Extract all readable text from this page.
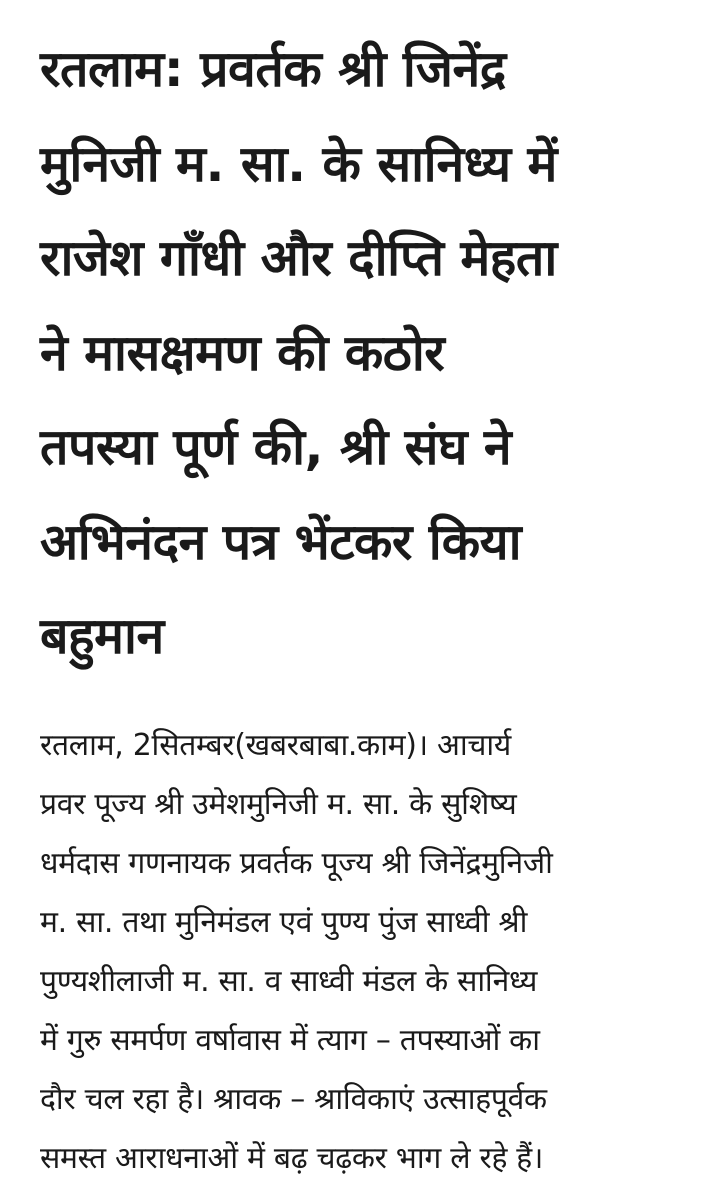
रतलाम: प्रवर्तक श्री जिनेंद्र
मुनिजी म. सा. के सानिध्य में
राजेश गाँधी और दीप्ति मेहता
ने मासक्षमण की कठोर
तपस्या पूर्ण की, श्री संघ ने
अभिनंदन पत्र भेंटकर किया
बहुमान

रतलाम, 2सितम्बर(खबरबाबा.काम)। आचार्य
प्रवर पूज्य श्री उमेशमुनिजी म. सा. के सुशिष्य
धर्मदास गणनायक प्रवर्तक पूज्य श्री जिनेंद्रमुनिजी
म. सा. तथा मुनिमंडल एवं पुण्य पुंज साध्वी श्री
पुण्यशीलाजी म. सा. व साध्वी मंडल के सानिध्य
में गुरु समर्पण वर्षावास में त्याग – तपस्याओं का
दौर चल रहा है। श्रावक – श्राविकाएं उत्साहपूर्वक
समस्त आराधनाओं में बढ़ चढ़कर भाग ले रहे हैं।
